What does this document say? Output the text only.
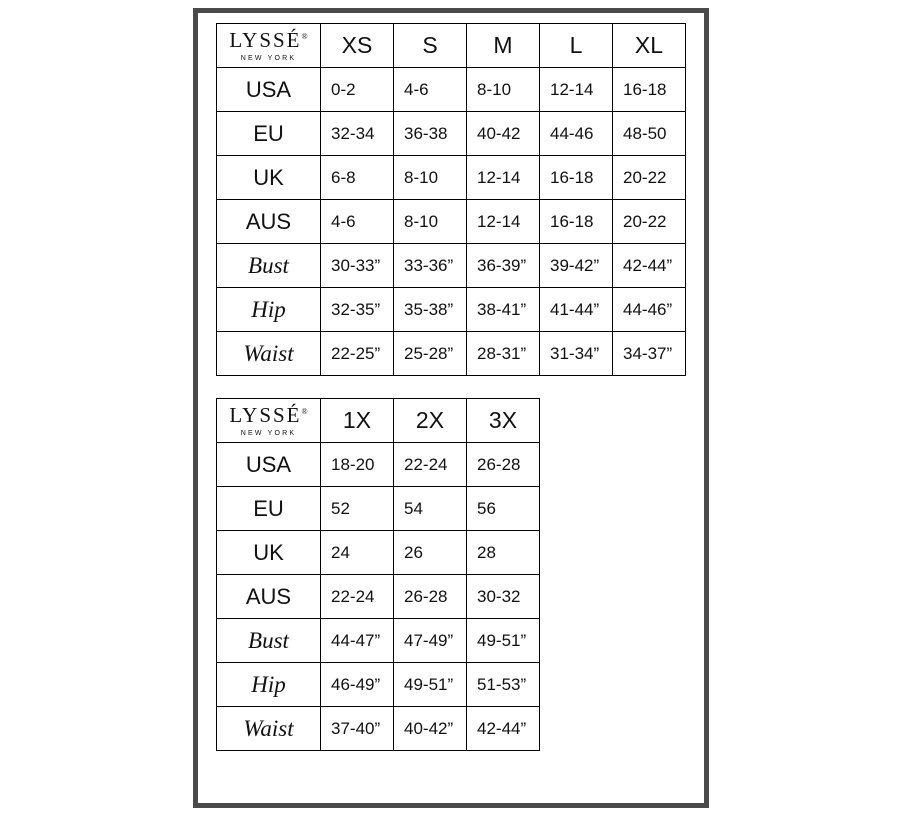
LYSSÉ®
NEW YORK	XS	S	M	L	XL
USA	0-2	4-6	8-10	12-14	16-18
EU	32-34	36-38	40-42	44-46	48-50
UK	6-8	8-10	12-14	16-18	20-22
AUS	4-6	8-10	12-14	16-18	20-22
Bust	30-33”	33-36”	36-39”	39-42”	42-44”
Hip	32-35”	35-38”	38-41”	41-44”	44-46”
Waist	22-25”	25-28”	28-31”	31-34”	34-37”
LYSSÉ®
NEW YORK	1X	2X	3X		
USA	18-20	22-24	26-28		
EU	52	54	56		
UK	24	26	28		
AUS	22-24	26-28	30-32		
Bust	44-47”	47-49”	49-51”		
Hip	46-49”	49-51”	51-53”		
Waist	37-40”	40-42”	42-44”		
